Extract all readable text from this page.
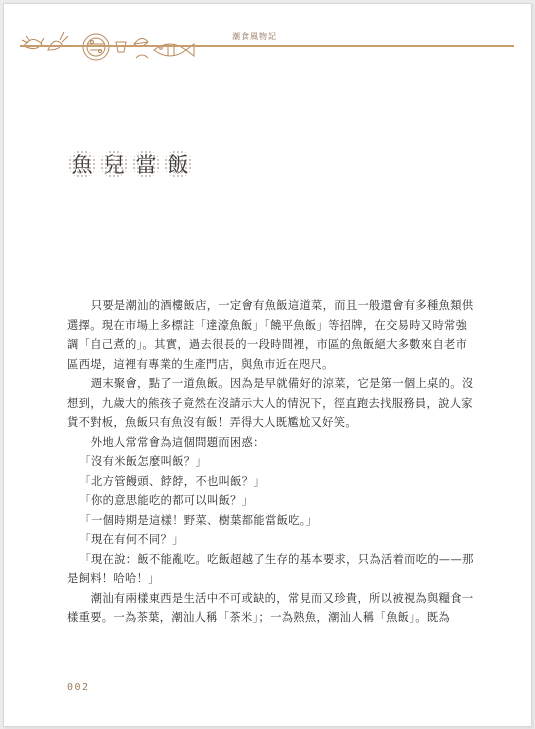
潮食風物記
魚 兒 當 飯

只要是潮汕的酒樓飯店，一定會有魚飯這道菜，而且一般還會有多種魚類供選擇。現在市場上多標註「達濠魚飯」「饒平魚飯」等招牌，在交易時又時常強調「自己煮的」。其實，過去很長的一段時間裡，市區的魚飯絕大多數來自老市區西堤，這裡有專業的生產門店，與魚市近在咫尺。

週末聚會，點了一道魚飯。因為是早就備好的涼菜，它是第一個上桌的。沒想到，九歲大的熊孩子竟然在沒請示大人的情況下，徑直跑去找服務員，說人家貨不對板，魚飯只有魚沒有飯！弄得大人既尷尬又好笑。

外地人常常會為這個問題而困惑：

「沒有米飯怎麼叫飯？」

「北方管饅頭、餑餑，不也叫飯？」

「你的意思能吃的都可以叫飯？」

「一個時期是這樣！野菜、樹葉都能當飯吃。」

「現在有何不同？」

「現在說：飯不能亂吃。吃飯超越了生存的基本要求，只為活着而吃的——那是飼料！哈哈！」

潮汕有兩樣東西是生活中不可或缺的，常見而又珍貴，所以被視為與糧食一樣重要。一為茶葉，潮汕人稱「茶米」；一為熟魚，潮汕人稱「魚飯」。既為

002
